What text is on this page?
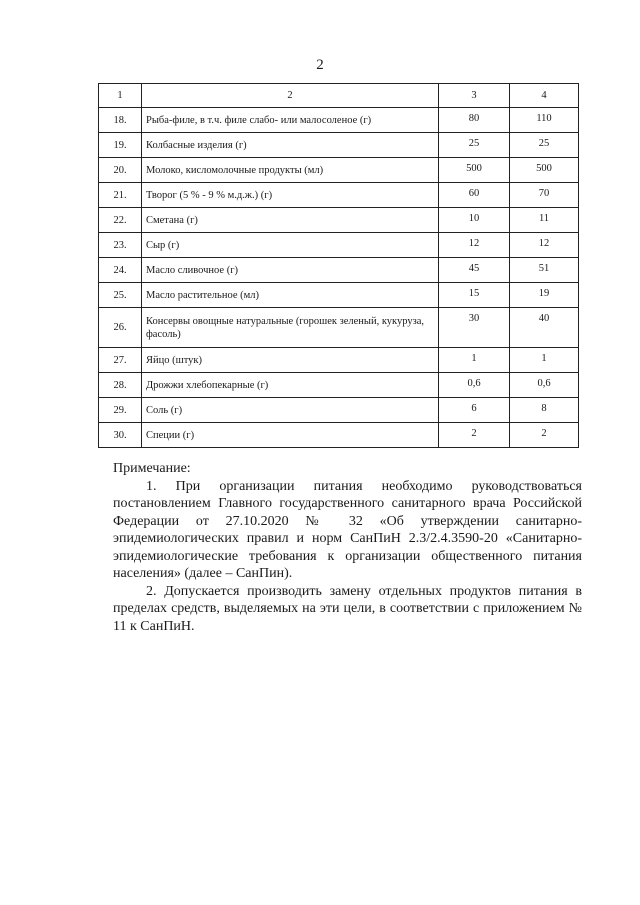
2
1	2	3	4
18.	Рыба-филе, в т.ч. филе слабо- или малосоленое (г)	80	110
19.	Колбасные изделия (г)	25	25
20.	Молоко, кисломолочные продукты (мл)	500	500
21.	Творог (5 % - 9 % м.д.ж.) (г)	60	70
22.	Сметана (г)	10	11
23.	Сыр (г)	12	12
24.	Масло сливочное (г)	45	51
25.	Масло растительное (мл)	15	19
26.	Консервы овощные натуральные (горошек зеленый, кукуруза, фасоль)	30	40
27.	Яйцо (штук)	1	1
28.	Дрожжи хлебопекарные (г)	0,6	0,6
29.	Соль (г)	6	8
30.	Специи (г)	2	2

Примечание:

1. При организации питания необходимо руководствоваться постановлением Главного государственного санитарного врача Российской Федерации от 27.10.2020 № 32 «Об утверждении санитарно-эпидемиологических правил и норм СанПиН 2.3/2.4.3590-20 «Санитарно-эпидемиологические требования к организации общественного питания населения» (далее – СанПин).

2. Допускается производить замену отдельных продуктов питания в пределах средств, выделяемых на эти цели, в соответствии с приложением № 11 к СанПиН.
